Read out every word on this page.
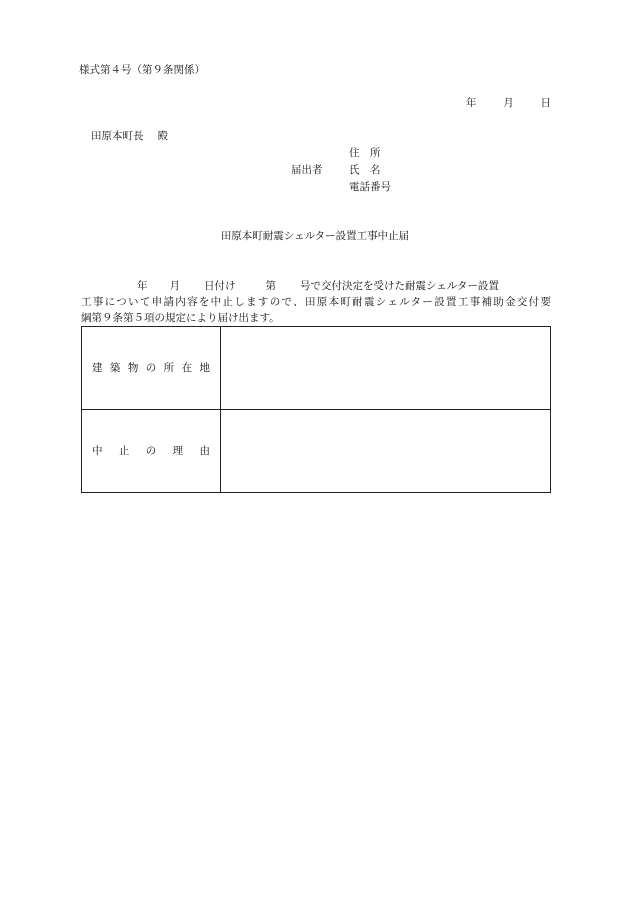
様式第４号（第９条関係）
年	月	日
田原本町長 殿
届出者
住　所
氏　名
電話番号
田原本町耐震シェルター設置工事中止届
年 月 日付け	第 号で交付決定を受けた耐震シェルター設置
工事について申請内容を中止しますので、田原本町耐震シェルター設置工事補助金交付要
綱第９条第５項の規定により届け出ます。
建築物の所在地	
中止の理由	
